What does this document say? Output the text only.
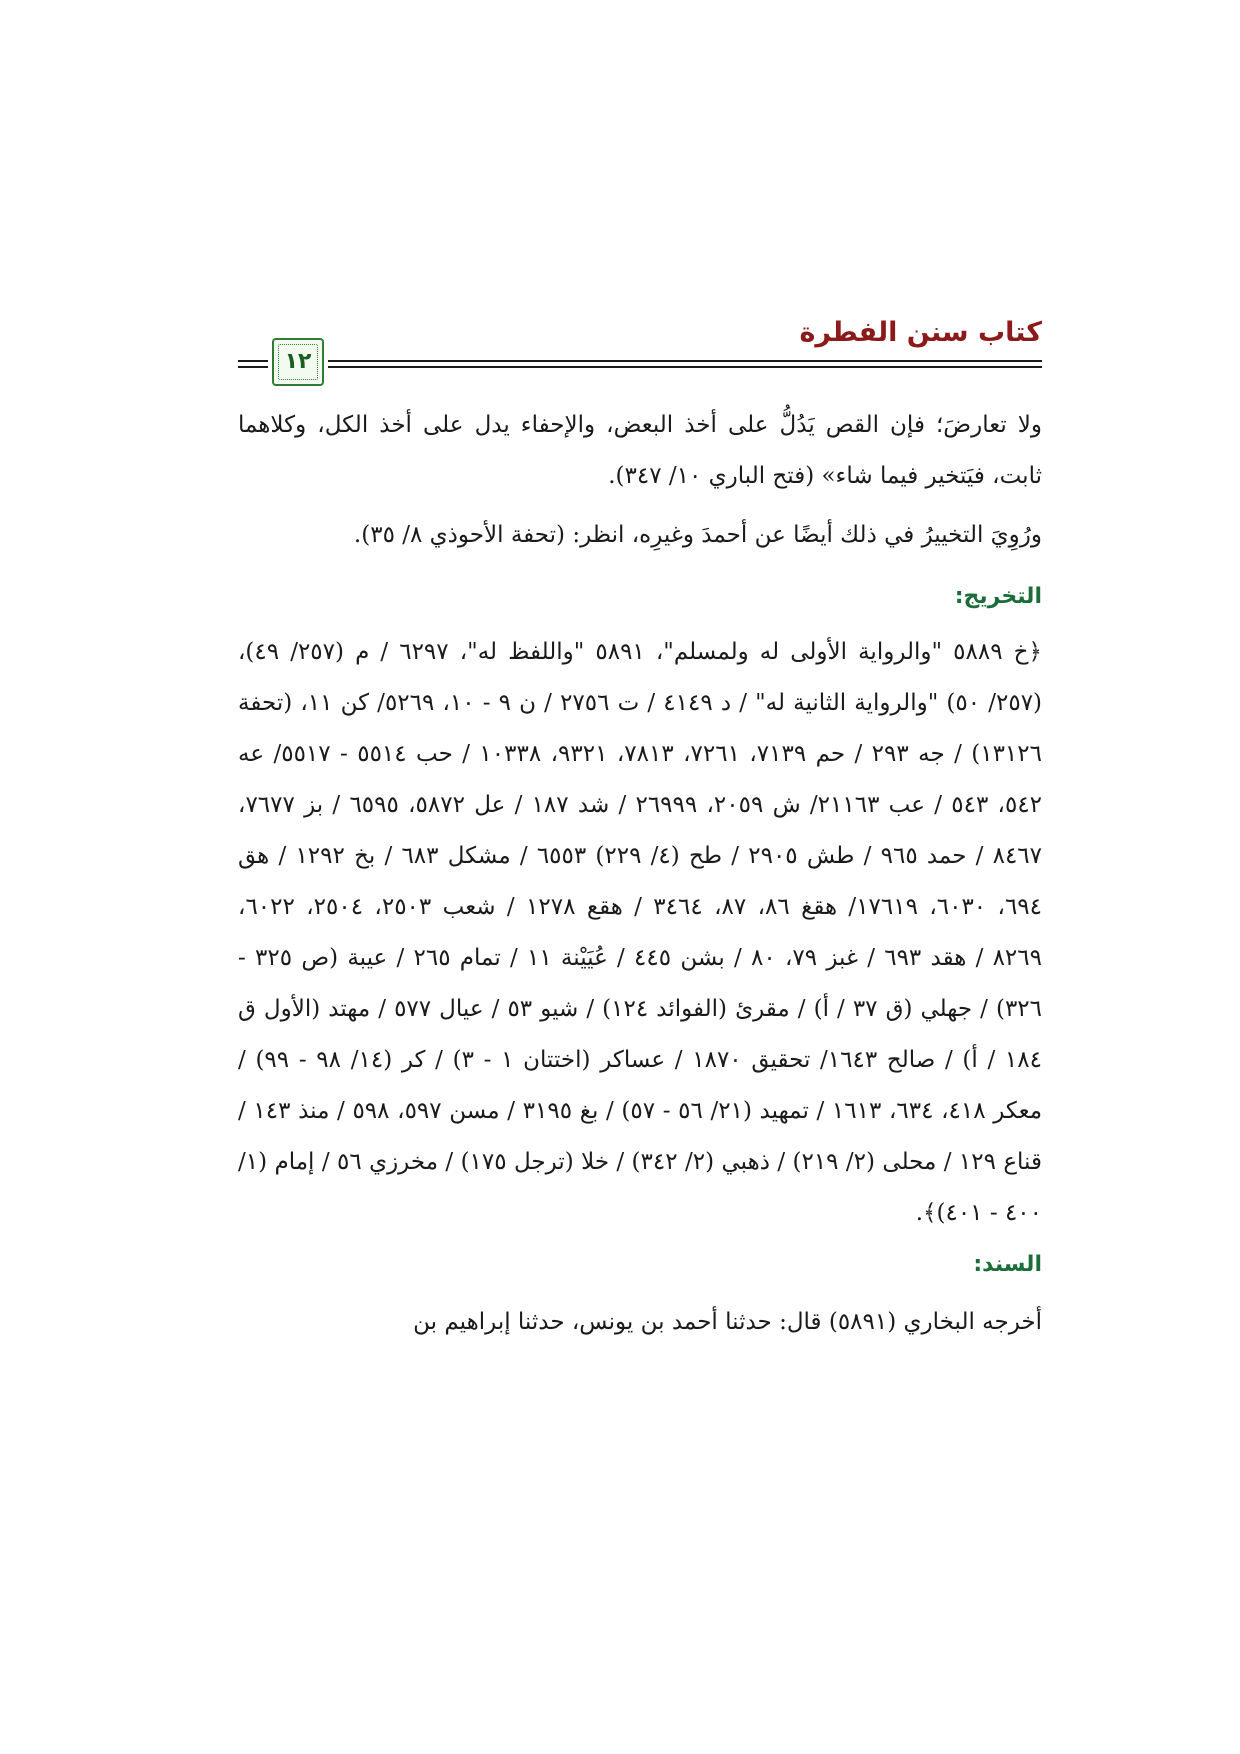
كتاب سنن الفطرة
١٢

ولا تعارضَ؛ فإن القص يَدُلُّ على أخذ البعض، والإحفاء يدل على أخذ الكل، وكلاهما ثابت، فيَتخير فيما شاء» (فتح الباري ١٠/ ٣٤٧).

ورُوِيَ التخييرُ في ذلك أيضًا عن أحمدَ وغيرِه، انظر: (تحفة الأحوذي ٨/ ٣٥).

التخريج:

﴿خ ٥٨٨٩ "والرواية الأولى له ولمسلم"، ٥٨٩١ "واللفظ له"، ٦٢٩٧ / م (٢٥٧/ ٤٩)، (٢٥٧/ ٥٠) "والرواية الثانية له" / د ٤١٤٩ / ت ٢٧٥٦ / ن ٩ - ١٠، ٥٢٦٩/ كن ١١، (تحفة ١٣١٢٦) / جه ٢٩٣ / حم ٧١٣٩، ٧٢٦١، ٧٨١٣، ٩٣٢١، ١٠٣٣٨ / حب ٥٥١٤ - ٥٥١٧/ عه ٥٤٢، ٥٤٣ / عب ٢١١٦٣/ ش ٢٠٥٩، ٢٦٩٩٩ / شد ١٨٧ / عل ٥٨٧٢، ٦٥٩٥ / بز ٧٦٧٧، ٨٤٦٧ / حمد ٩٦٥ / طش ٢٩٠٥ / طح (٤/ ٢٢٩) ٦٥٥٣ / مشكل ٦٨٣ / بخ ١٢٩٢ / هق ٦٩٤، ٦٠٣٠، ١٧٦١٩/ هقغ ٨٦، ٨٧، ٣٤٦٤ / هقع ١٢٧٨ / شعب ٢٥٠٣، ٢٥٠٤، ٦٠٢٢، ٨٢٦٩ / هقد ٦٩٣ / غبز ٧٩، ٨٠ / بشن ٤٤٥ / عُيَيْنة ١١ / تمام ٢٦٥ / عيبة (ص ٣٢٥ - ٣٢٦) / جهلي (ق ٣٧ / أ) / مقرئ (الفوائد ١٢٤) / شيو ٥٣ / عيال ٥٧٧ / مهتد (الأول ق ١٨٤ / أ) / صالح ١٦٤٣/ تحقيق ١٨٧٠ / عساكر (اختتان ١ - ٣) / كر (١٤/ ٩٨ - ٩٩) / معكر ٤١٨، ٦٣٤، ١٦١٣ / تمهيد (٢١/ ٥٦ - ٥٧) / بغ ٣١٩٥ / مسن ٥٩٧، ٥٩٨ / منذ ١٤٣ / قناع ١٢٩ / محلى (٢/ ٢١٩) / ذهبي (٢/ ٣٤٢) / خلا (ترجل ١٧٥) / مخرزي ٥٦ / إمام (١/ ٤٠٠ - ٤٠١)﴾.

السند:

أخرجه البخاري (٥٨٩١) قال: حدثنا أحمد بن يونس، حدثنا إبراهيم بن
